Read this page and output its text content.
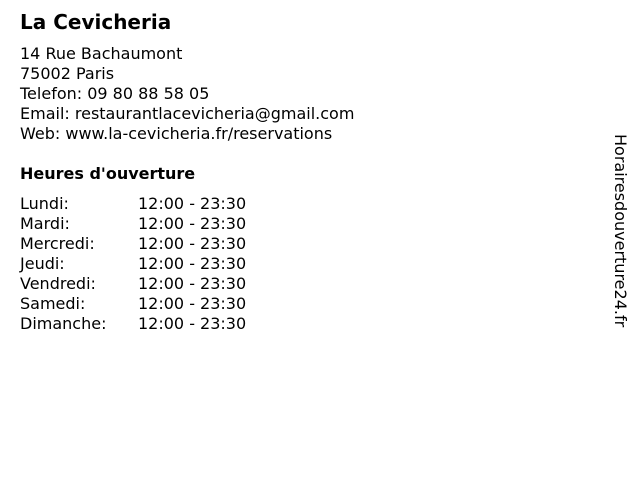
La Cevicheria
14 Rue Bachaumont
75002 Paris
Telefon: 09 80 88 58 05
Email: restaurantlacevicheria@gmail.com
Web: www.la-cevicheria.fr/reservations
Heures d'ouverture
Lundi:	12:00 - 23:30
Mardi:	12:00 - 23:30
Mercredi:	12:00 - 23:30
Jeudi:	12:00 - 23:30
Vendredi:	12:00 - 23:30
Samedi:	12:00 - 23:30
Dimanche: 12:00 - 23:30	Horairesdouverture24.fr
